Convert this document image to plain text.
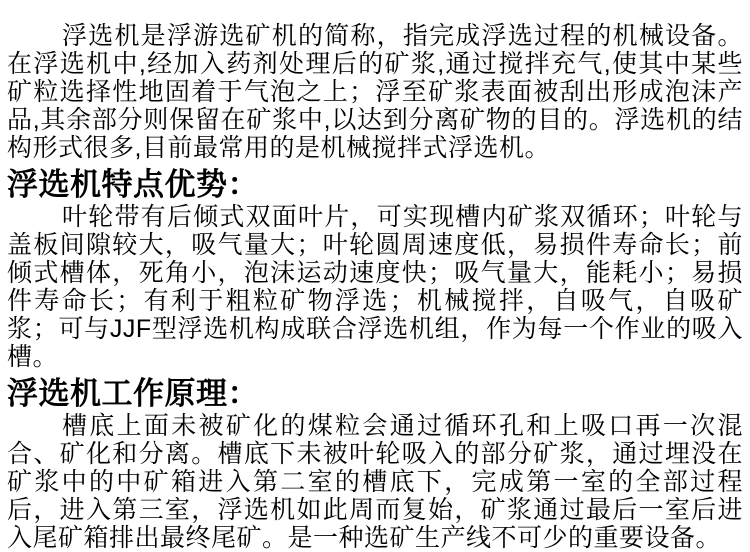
浮选机是浮游选矿机的简称，指完成浮选过程的机械设备。在浮选机中,经加入药剂处理后的矿浆,通过搅拌充气,使其中某些矿粒选择性地固着于气泡之上；浮至矿浆表面被刮出形成泡沫产品,其余部分则保留在矿浆中,以达到分离矿物的目的。浮选机的结构形式很多,目前最常用的是机械搅拌式浮选机。

浮选机特点优势：

叶轮带有后倾式双面叶片，可实现槽内矿浆双循环；叶轮与盖板间隙较大，吸气量大；叶轮圆周速度低，易损件寿命长；前倾式槽体，死角小，泡沫运动速度快；吸气量大，能耗小；易损件寿命长；有利于粗粒矿物浮选；机械搅拌，自吸气，自吸矿浆；可与JJF型浮选机构成联合浮选机组，作为每一个作业的吸入槽。

浮选机工作原理：

槽底上面未被矿化的煤粒会通过循环孔和上吸口再一次混合、矿化和分离。槽底下未被叶轮吸入的部分矿浆，通过埋没在矿浆中的中矿箱进入第二室的槽底下，完成第一室的全部过程后，进入第三室，浮选机如此周而复始，矿浆通过最后一室后进入尾矿箱排出最终尾矿。是一种选矿生产线不可少的重要设备。
